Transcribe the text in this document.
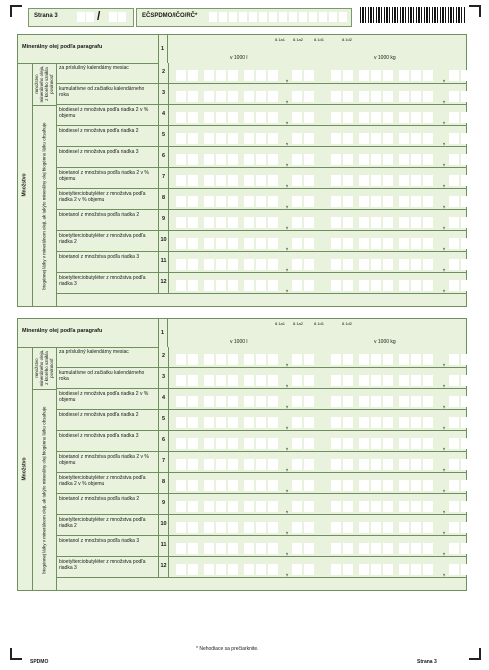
Strana 3	/	EČSPDMO/IČO/RČ*
Minerálny olej podľa paragrafu	1
8.1a1 8.1a2	8.1d1	8.1d2
v 1000 l	v 1000 kg
Množstvo
množstvo minerálneho oleja, z ktorého vznikla povinnosť
biogénnej látky v minerálnom oleji, ak takýto minerálny olej biogénnu látku obsahuje
za príslušný kalendárny mesiac
2
,	,
kumulatívne od začiatku kalendárneho roka	3
,	,
biodiesel z množstva podľa riadka 2 v % objemu	4
,	,
biodiesel z množstva podľa riadka 2
5
,	,
biodiesel z množstva podľa riadka 3
6
,	,
bioetanol z množstva podľa riadka 2 v % objemu	7
,	,
bioetylterciobutyléter z množstva podľa riadka 2 v % objemu	8
,	,
bioetanol z množstva podľa riadka 2
9
,	,
bioetylterciobutyléter z množstva podľa riadka 2	10
,	,
bioetanol z množstva podľa riadka 3
11
,	,
bioetylterciobutyléter z množstva podľa riadka 3	12
,	,
Minerálny olej podľa paragrafu	1
8.1a1 8.1a2	8.1d1	8.1d2
v 1000 l	v 1000 kg
Množstvo
množstvo minerálneho oleja, z ktorého vznikla povinnosť
biogénnej látky v minerálnom oleji, ak takýto minerálny olej biogénnu látku obsahuje
za príslušný kalendárny mesiac
2
,	,
kumulatívne od začiatku kalendárneho roka	3
,	,
biodiesel z množstva podľa riadka 2 v % objemu	4
,	,
biodiesel z množstva podľa riadka 2
5
,	,
biodiesel z množstva podľa riadka 3
6
,	,
bioetanol z množstva podľa riadka 2 v % objemu	7
,	,
bioetylterciobutyléter z množstva podľa riadka 2 v % objemu	8
,	,
bioetanol z množstva podľa riadka 2
9
,	,
bioetylterciobutyléter z množstva podľa riadka 2	10
,	,
bioetanol z množstva podľa riadka 3
11
,	,
bioetylterciobutyléter z množstva podľa riadka 3	12
,	,
* Nehodiace sa prečiarknite.
SPDMO	Strana 3
